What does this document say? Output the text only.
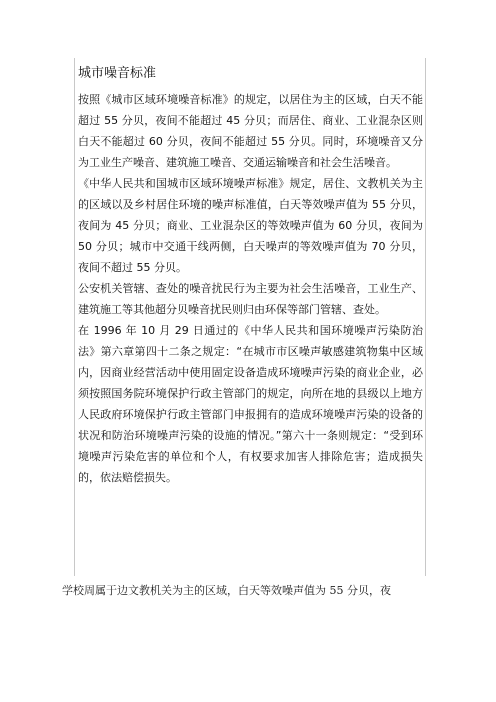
城市噪音标准

按照《城市区域环境噪音标准》的规定，以居住为主的区域，白天不能超过 55 分贝，夜间不能超过 45 分贝；而居住、商业、工业混杂区则白天不能超过 60 分贝，夜间不能超过 55 分贝。同时，环境噪音又分为工业生产噪音、建筑施工噪音、交通运输噪音和社会生活噪音。

《中华人民共和国城市区域环境噪声标准》规定，居住、文教机关为主的区域以及乡村居住环境的噪声标准值，白天等效噪声值为 55 分贝，夜间为 45 分贝；商业、工业混杂区的等效噪声值为 60 分贝，夜间为 50 分贝；城市中交通干线两侧，白天噪声的等效噪声值为 70 分贝，夜间不超过 55 分贝。

公安机关管辖、查处的噪音扰民行为主要为社会生活噪音，工业生产、建筑施工等其他超分贝噪音扰民则归由环保等部门管辖、查处。

在 1996 年 10 月 29 日通过的《中华人民共和国环境噪声污染防治法》第六章第四十二条之规定：“在城市市区噪声敏感建筑物集中区域内，因商业经营活动中使用固定设备造成环境噪声污染的商业企业，必须按照国务院环境保护行政主管部门的规定，向所在地的县级以上地方人民政府环境保护行政主管部门申报拥有的造成环境噪声污染的设备的状况和防治环境噪声污染的设施的情况。”第六十一条则规定：“受到环境噪声污染危害的单位和个人，有权要求加害人排除危害；造成损失的，依法赔偿损失。

学校周属于边文教机关为主的区域，白天等效噪声值为 55 分贝，夜
